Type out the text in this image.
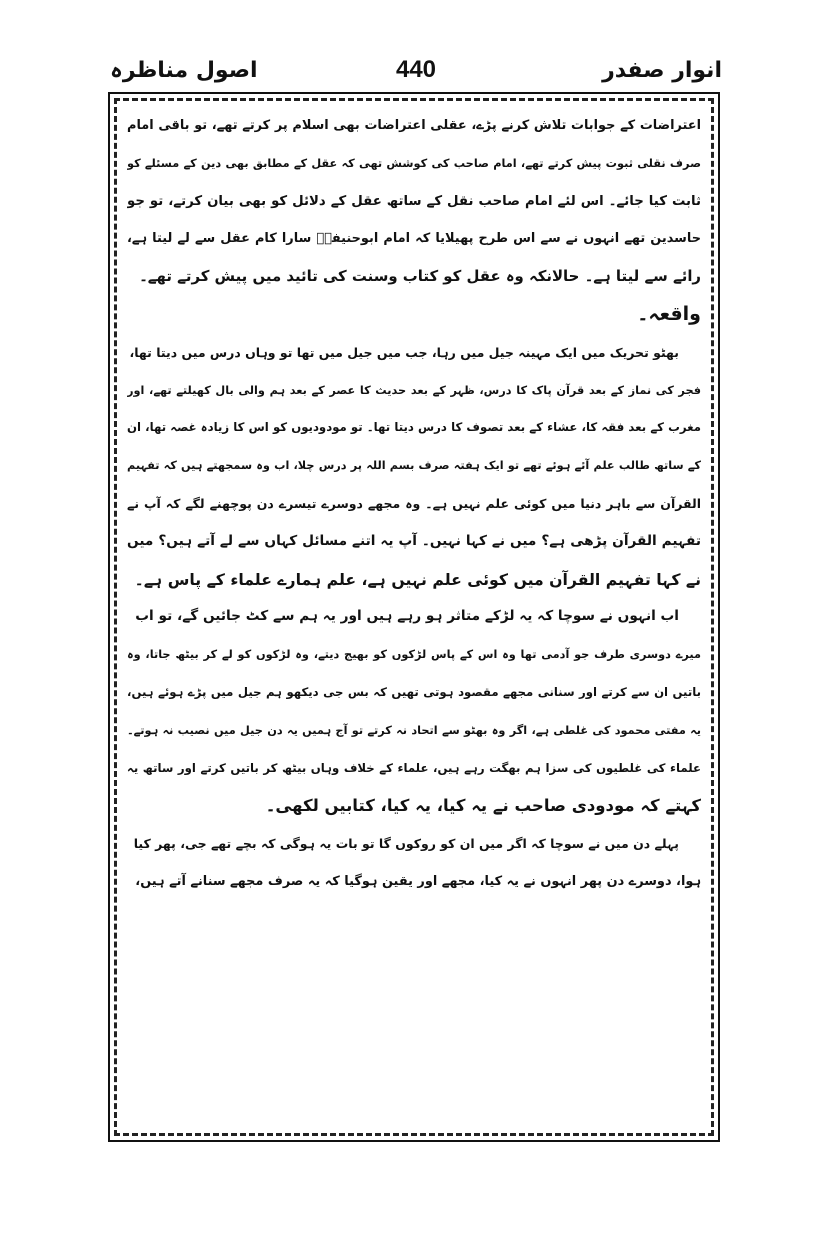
انوار صفدر
440
اصول مناظرہ
اعتراضات کے جوابات تلاش کرنے پڑے، عقلی اعتراضات بھی اسلام پر کرتے تھے، تو باقی امام
صرف نقلی ثبوت پیش کرتے تھے، امام صاحب کی کوشش تھی کہ عقل کے مطابق بھی دین کے مسئلے کو
ثابت کیا جائے۔ اس لئے امام صاحب نقل کے ساتھ عقل کے دلائل کو بھی بیان کرتے، تو جو
حاسدین تھے انہوں نے سے اس طرح پھیلایا کہ امام ابوحنیفہؒ سارا کام عقل سے لے لیتا ہے،
رائے سے لیتا ہے۔ حالانکہ وہ عقل کو کتاب وسنت کی تائید میں پیش کرتے تھے۔
واقعہ۔
بھٹو تحریک میں ایک مہینہ جیل میں رہا، جب میں جیل میں تھا تو وہاں درس میں دیتا تھا،
فجر کی نماز کے بعد قرآن پاک کا درس، ظہر کے بعد حدیث کا عصر کے بعد ہم والی بال کھیلتے تھے، اور
مغرب کے بعد فقہ کا، عشاء کے بعد تصوف کا درس دیتا تھا۔ تو مودودیوں کو اس کا زیادہ غصہ تھا، ان
کے ساتھ طالب علم آئے ہوئے تھے تو ایک ہفتہ صرف بسم اللہ پر درس چلا، اب وہ سمجھتے ہیں کہ تفہیم
القرآن سے باہر دنیا میں کوئی علم نہیں ہے۔ وہ مجھے دوسرے تیسرے دن پوچھنے لگے کہ آپ نے
تفہیم القرآن پڑھی ہے؟ میں نے کہا نہیں۔ آپ یہ اتنے مسائل کہاں سے لے آتے ہیں؟ میں
نے کہا تفہیم القرآن میں کوئی علم نہیں ہے، علم ہمارے علماء کے پاس ہے۔
اب انہوں نے سوچا کہ یہ لڑکے متاثر ہو رہے ہیں اور یہ ہم سے کٹ جائیں گے، تو اب
میرے دوسری طرف جو آدمی تھا وہ اس کے پاس لڑکوں کو بھیج دیتے، وہ لڑکوں کو لے کر بیٹھ جاتا، وہ
باتیں ان سے کرتے اور سنانی مجھے مقصود ہوتی تھیں کہ بس جی دیکھو ہم جیل میں پڑے ہوئے ہیں،
یہ مفتی محمود کی غلطی ہے، اگر وہ بھٹو سے اتحاد نہ کرتے تو آج ہمیں یہ دن جیل میں نصیب نہ ہوتے۔
علماء کی غلطیوں کی سزا ہم بھگت رہے ہیں، علماء کے خلاف وہاں بیٹھ کر باتیں کرتے اور ساتھ یہ
کہتے کہ مودودی صاحب نے یہ کیا، یہ کیا، کتابیں لکھی۔
پہلے دن میں نے سوچا کہ اگر میں ان کو روکوں گا تو بات یہ ہوگی کہ بچے تھے جی، پھر کیا
ہوا، دوسرے دن پھر انہوں نے یہ کیا، مجھے اور یقین ہوگیا کہ یہ صرف مجھے سنانے آتے ہیں،
